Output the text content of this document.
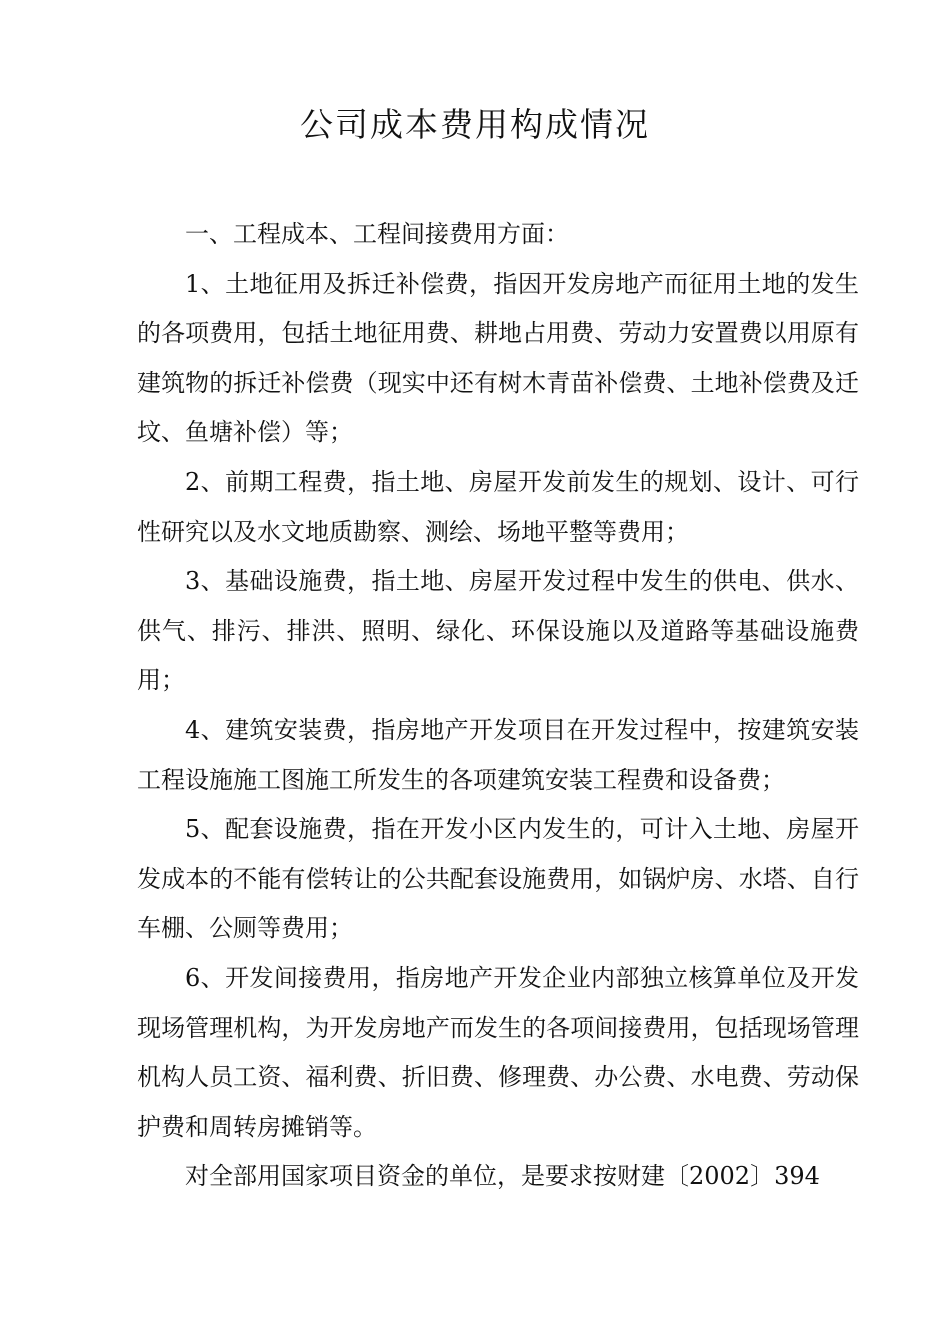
公司成本费用构成情况

一、工程成本、工程间接费用方面：

1、土地征用及拆迁补偿费，指因开发房地产而征用土地的发生的各项费用，包括土地征用费、耕地占用费、劳动力安置费以用原有建筑物的拆迁补偿费（现实中还有树木青苗补偿费、土地补偿费及迁坟、鱼塘补偿）等；

2、前期工程费，指土地、房屋开发前发生的规划、设计、可行性研究以及水文地质勘察、测绘、场地平整等费用；

3、基础设施费，指土地、房屋开发过程中发生的供电、供水、供气、排污、排洪、照明、绿化、环保设施以及道路等基础设施费用；

4、建筑安装费，指房地产开发项目在开发过程中，按建筑安装工程设施施工图施工所发生的各项建筑安装工程费和设备费；

5、配套设施费，指在开发小区内发生的，可计入土地、房屋开发成本的不能有偿转让的公共配套设施费用，如锅炉房、水塔、自行车棚、公厕等费用；

6、开发间接费用，指房地产开发企业内部独立核算单位及开发现场管理机构，为开发房地产而发生的各项间接费用，包括现场管理机构人员工资、福利费、折旧费、修理费、办公费、水电费、劳动保护费和周转房摊销等。

对全部用国家项目资金的单位，是要求按财建〔2002〕394
